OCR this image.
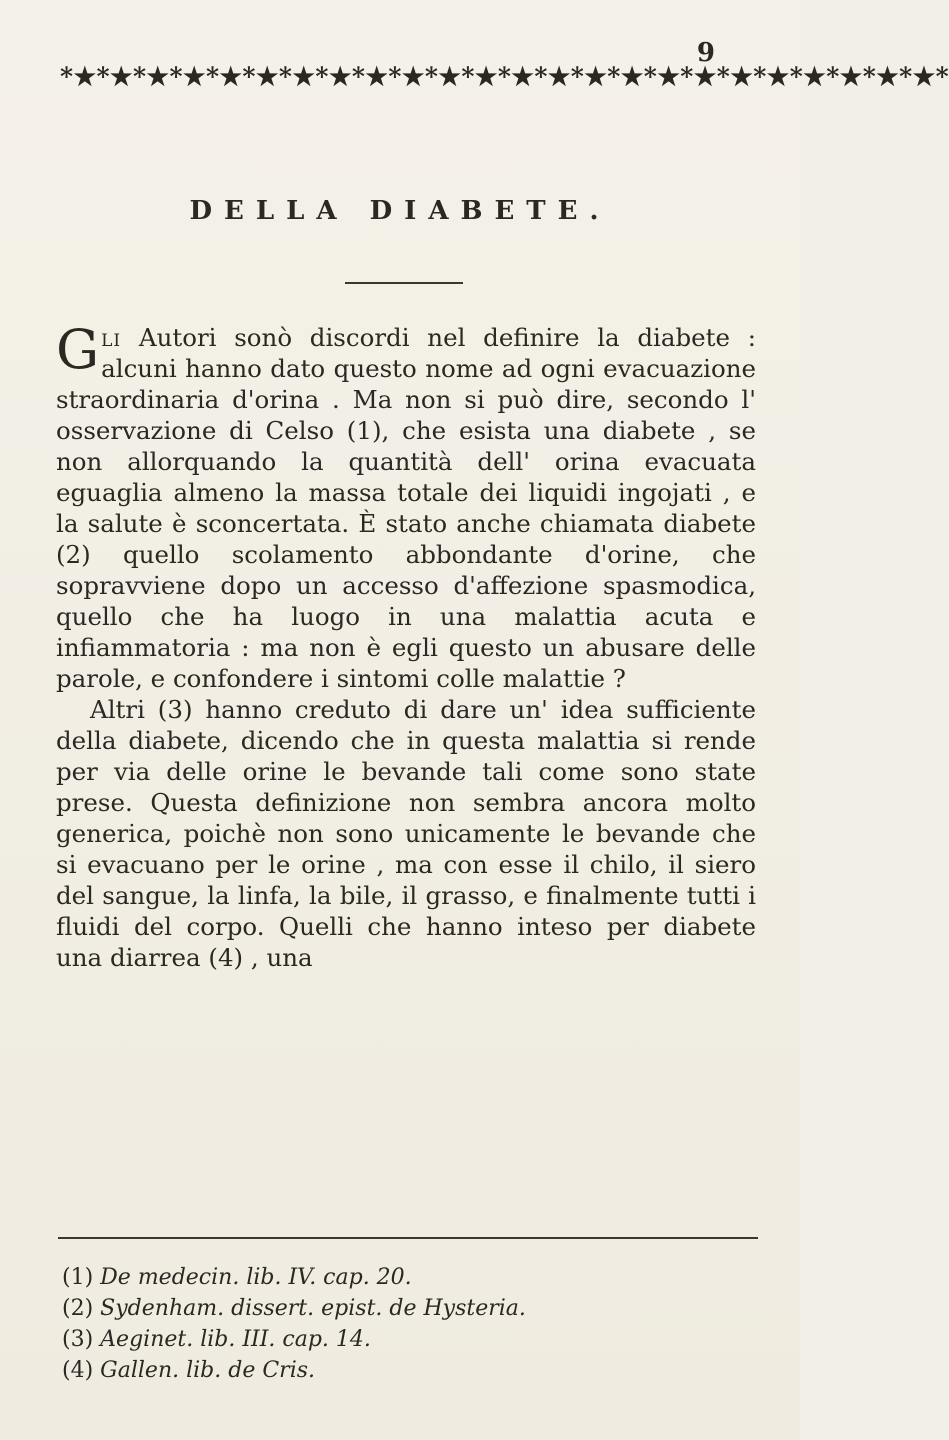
9
*★*★*★*★*★*★*★*★*★*★*★*★*★*★*★*★*★*★*★*★*★*★*★*★*
DELLA DIABETE.

Gli Autori sonò discordi nel definire la diabete : alcuni hanno dato questo nome ad ogni evacuazione straordinaria d'orina . Ma non si può dire, secondo l' osservazione di Celso (1), che esista una diabete , se non allorquando la quantità dell' orina evacuata eguaglia almeno la massa totale dei liquidi ingojati , e la salute è sconcertata. È stato anche chiamata diabete (2) quello scolamento abbondante d'orine, che sopravviene dopo un accesso d'affezione spasmodica, quello che ha luogo in una malattia acuta e infiammatoria : ma non è egli questo un abusare delle parole, e confondere i sintomi colle malattie ?

Altri (3) hanno creduto di dare un' idea sufficiente della diabete, dicendo che in questa malattia si rende per via delle orine le bevande tali come sono state prese. Questa definizione non sembra ancora molto generica, poichè non sono unicamente le bevande che si evacuano per le orine , ma con esse il chilo, il siero del sangue, la linfa, la bile, il grasso, e finalmente tutti i fluidi del corpo. Quelli che hanno inteso per diabete una diarrea (4) , una

(1) De medecin. lib. IV. cap. 20.
(2) Sydenham. dissert. epist. de Hysteria.
(3) Aeginet. lib. III. cap. 14.
(4) Gallen. lib. de Cris.
